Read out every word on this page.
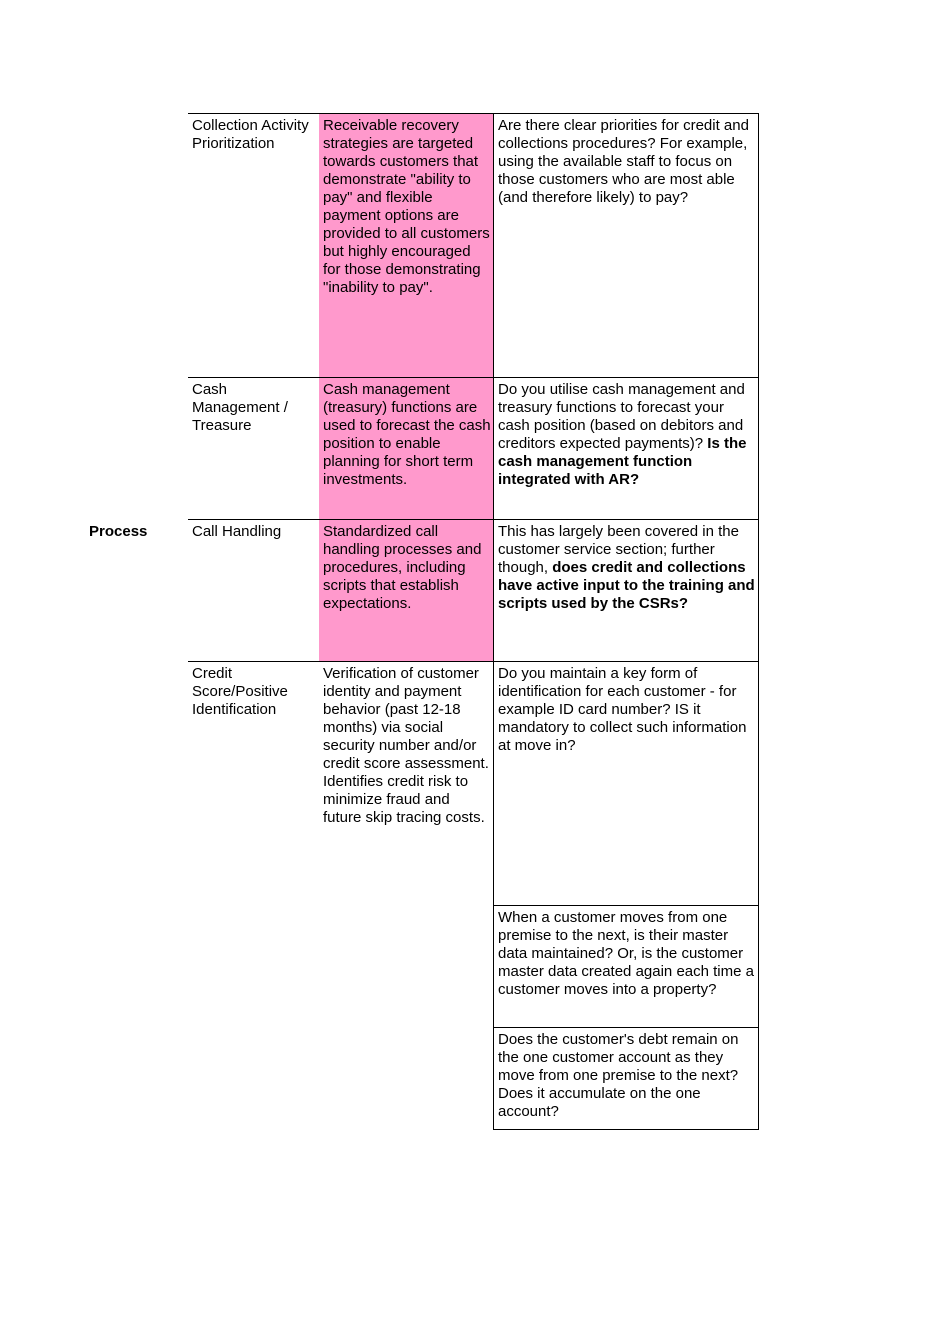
Collection Activity Prioritization
Receivable recovery strategies are targeted towards customers that demonstrate "ability to pay" and flexible payment options are provided to all customers but highly encouraged for those demonstrating "inability to pay".
Are there clear priorities for credit and collections procedures? For example, using the available staff to focus on those customers who are most able (and therefore likely) to pay?
Cash Management / Treasure
Cash management (treasury) functions are used to forecast the cash position to enable planning for short term investments.
Do you utilise cash management and treasury functions to forecast your cash position (based on debitors and creditors expected payments)? Is the cash management function integrated with AR?
Process	Call Handling	Standardized call handling processes and procedures, including scripts that establish expectations.
This has largely been covered in the customer service section; further though, does credit and collections have active input to the training and scripts used by the CSRs?
Credit Score/Positive Identification
Verification of customer identity and payment behavior (past 12-18 months) via social security number and/or credit score assessment. Identifies credit risk to minimize fraud and future skip tracing costs.
Do you maintain a key form of identification for each customer - for example ID card number? IS it mandatory to collect such information at move in?
When a customer moves from one premise to the next, is their master data maintained? Or, is the customer master data created again each time a customer moves into a property?
Does the customer's debt remain on the one customer account as they move from one premise to the next? Does it accumulate on the one account?
